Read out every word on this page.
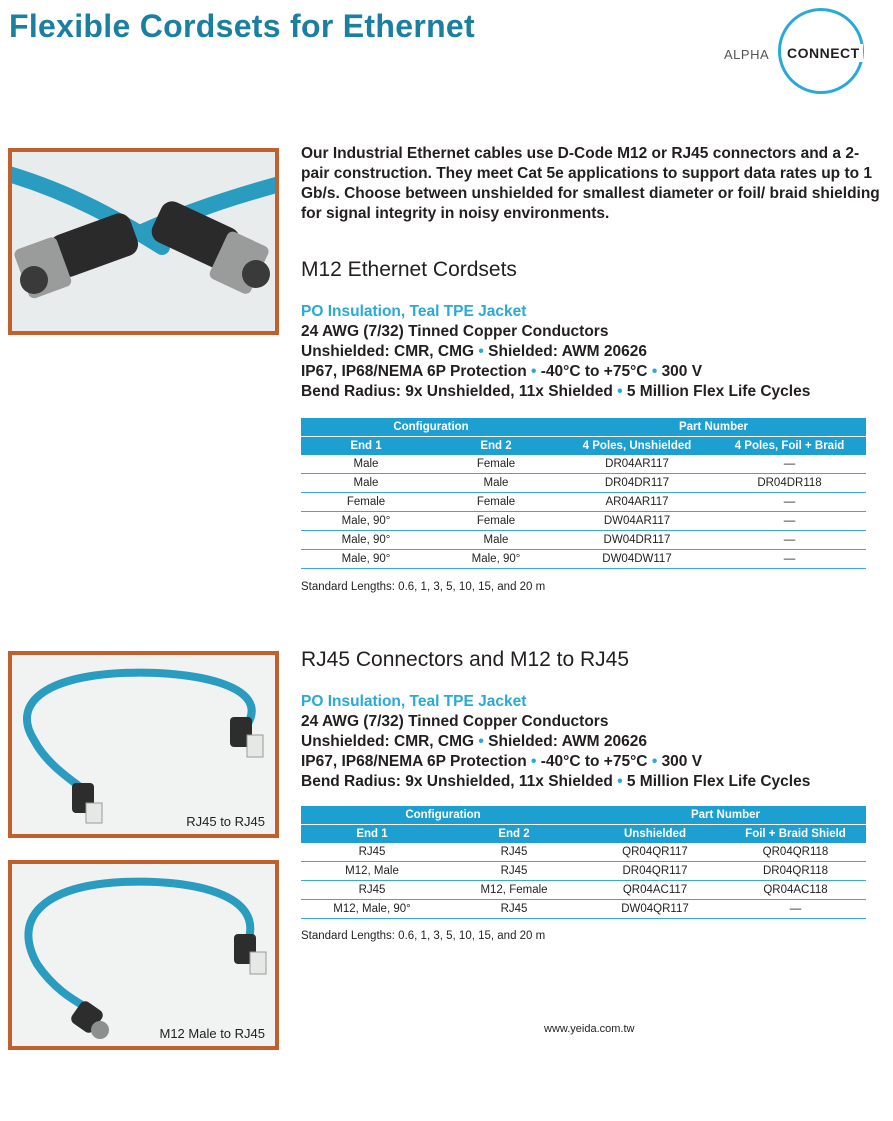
Flexible Cordsets for Ethernet
ALPHA CONNECT
RJ45 to RJ45
M12 Male to RJ45
Our Industrial Ethernet cables use D-Code M12 or RJ45 connectors and a 2-pair construction. They meet Cat 5e applications to support data rates up to 1 Gb/s. Choose between unshielded for smallest diameter or foil/ braid shielding for signal integrity in noisy environments.
M12 Ethernet Cordsets
PO Insulation, Teal TPE Jacket
24 AWG (7/32) Tinned Copper Conductors
Unshielded: CMR, CMG • Shielded: AWM 20626
IP67, IP68/NEMA 6P Protection • -40°C to +75°C • 300 V
Bend Radius: 9x Unshielded, 11x Shielded • 5 Million Flex Life Cycles
Configuration		Part Number	
End 1	End 2	4 Poles, Unshielded	4 Poles, Foil + Braid
Male	Female	DR04AR117	—
Male	Male	DR04DR117	DR04DR118
Female	Female	AR04AR117	—
Male, 90°	Female	DW04AR117	—
Male, 90°	Male	DW04DR117	—
Male, 90°	Male, 90°	DW04DW117	—
Standard Lengths: 0.6, 1, 3, 5, 10, 15, and 20 m
RJ45 Connectors and M12 to RJ45
PO Insulation, Teal TPE Jacket
24 AWG (7/32) Tinned Copper Conductors
Unshielded: CMR, CMG • Shielded: AWM 20626
IP67, IP68/NEMA 6P Protection • -40°C to +75°C • 300 V
Bend Radius: 9x Unshielded, 11x Shielded • 5 Million Flex Life Cycles
Configuration		Part Number	
End 1	End 2	Unshielded	Foil + Braid Shield
RJ45	RJ45	QR04QR117	QR04QR118
M12, Male	RJ45	DR04QR117	DR04QR118
RJ45	M12, Female	QR04AC117	QR04AC118
M12, Male, 90°	RJ45	DW04QR117	—
Standard Lengths: 0.6, 1, 3, 5, 10, 15, and 20 m
www.yeida.com.tw
